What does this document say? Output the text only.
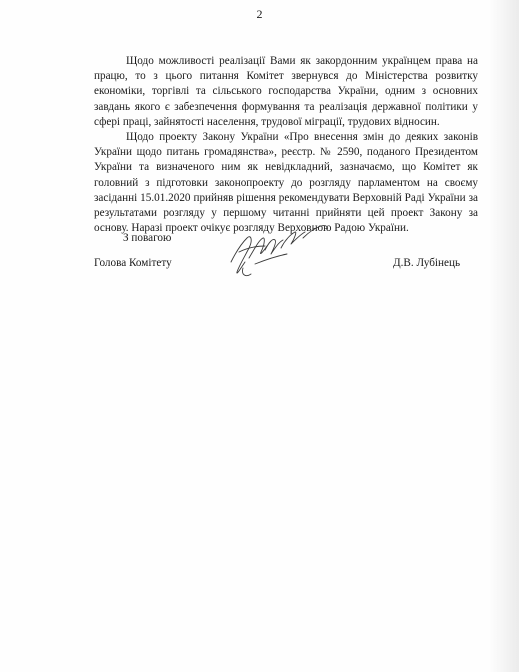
2

Щодо можливості реалізації Вами як закордонним українцем права на працю, то з цього питання Комітет звернувся до Міністерства розвитку економіки, торгівлі та сільського господарства України, одним з основних завдань якого є забезпечення формування та реалізація державної політики у сфері праці, зайнятості населення, трудової міграції, трудових відносин.

Щодо проекту Закону України «Про внесення змін до деяких законів України щодо питань громадянства», реєстр. № 2590, поданого Президентом України та визначеного ним як невідкладний, зазначаємо, що Комітет як головний з підготовки законопроекту до розгляду парламентом на своєму засіданні 15.01.2020 прийняв рішення рекомендувати Верховній Раді України за результатами розгляду у першому читанні прийняти цей проект Закону за основу. Наразі проект очікує розгляду Верховною Радою України.

З повагою
Голова Комітету	Д.В. Лубінець
